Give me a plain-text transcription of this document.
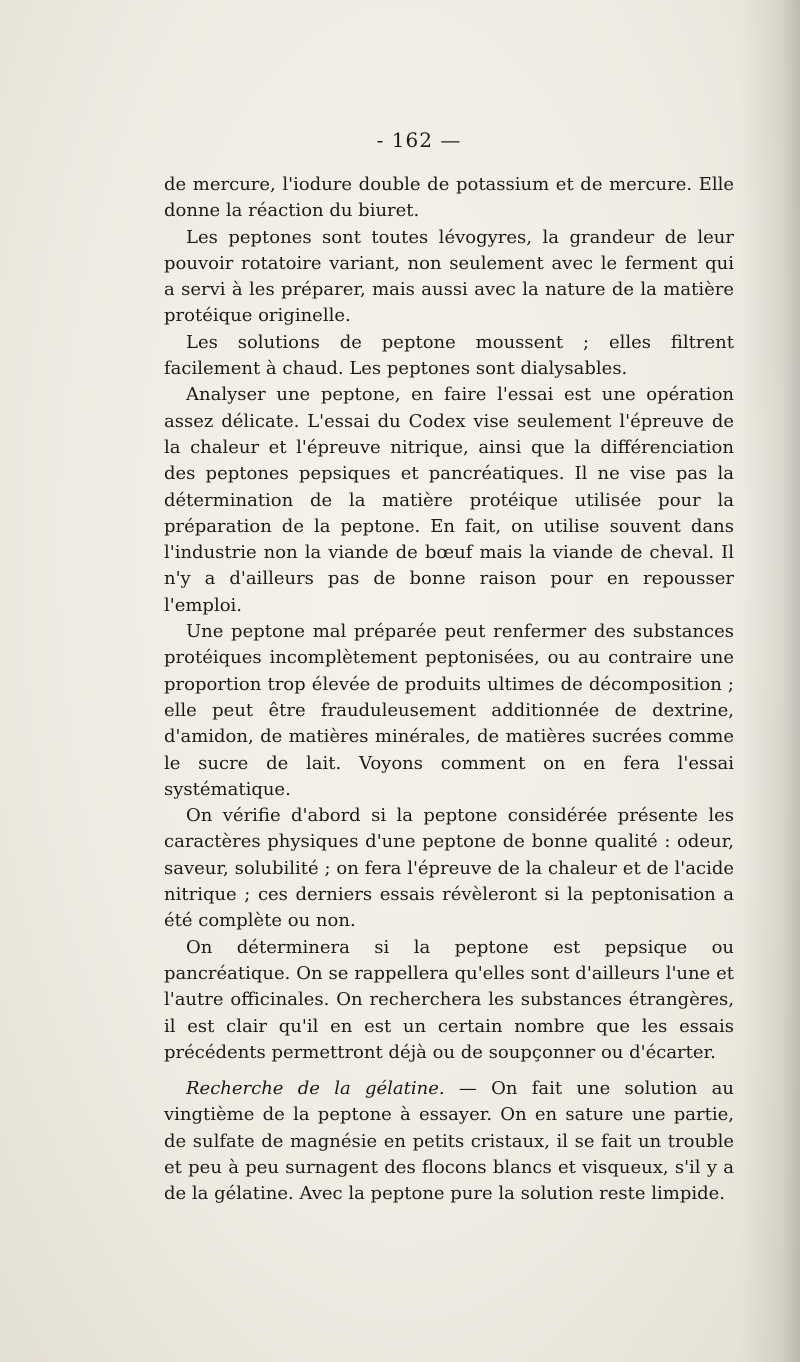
- 162 —

de mercure, l'iodure double de potassium et de mercure. Elle donne la réaction du biuret.

Les peptones sont toutes lévogyres, la grandeur de leur pouvoir rotatoire variant, non seulement avec le ferment qui a servi à les préparer, mais aussi avec la nature de la matière protéique originelle.

Les solutions de peptone moussent ; elles filtrent facilement à chaud. Les peptones sont dialysables.

Analyser une peptone, en faire l'essai est une opération assez délicate. L'essai du Codex vise seulement l'épreuve de la chaleur et l'épreuve nitrique, ainsi que la différenciation des peptones pepsiques et pancréatiques. Il ne vise pas la détermination de la matière protéique utilisée pour la préparation de la peptone. En fait, on utilise souvent dans l'industrie non la viande de bœuf mais la viande de cheval. Il n'y a d'ailleurs pas de bonne raison pour en repousser l'emploi.

Une peptone mal préparée peut renfermer des substances protéiques incomplètement peptonisées, ou au contraire une proportion trop élevée de produits ultimes de décomposition ; elle peut être frauduleusement additionnée de dextrine, d'amidon, de matières minérales, de matières sucrées comme le sucre de lait. Voyons comment on en fera l'essai systématique.

On vérifie d'abord si la peptone considérée présente les caractères physiques d'une peptone de bonne qualité : odeur, saveur, solubilité ; on fera l'épreuve de la chaleur et de l'acide nitrique ; ces derniers essais révèleront si la peptonisation a été complète ou non.

On déterminera si la peptone est pepsique ou pancréatique. On se rappellera qu'elles sont d'ailleurs l'une et l'autre officinales. On recherchera les substances étrangères, il est clair qu'il en est un certain nombre que les essais précédents permettront déjà ou de soupçonner ou d'écarter.

Recherche de la gélatine. — On fait une solution au vingtième de la peptone à essayer. On en sature une partie, de sulfate de magnésie en petits cristaux, il se fait un trouble et peu à peu surnagent des flocons blancs et visqueux, s'il y a de la gélatine. Avec la peptone pure la solution reste limpide.
